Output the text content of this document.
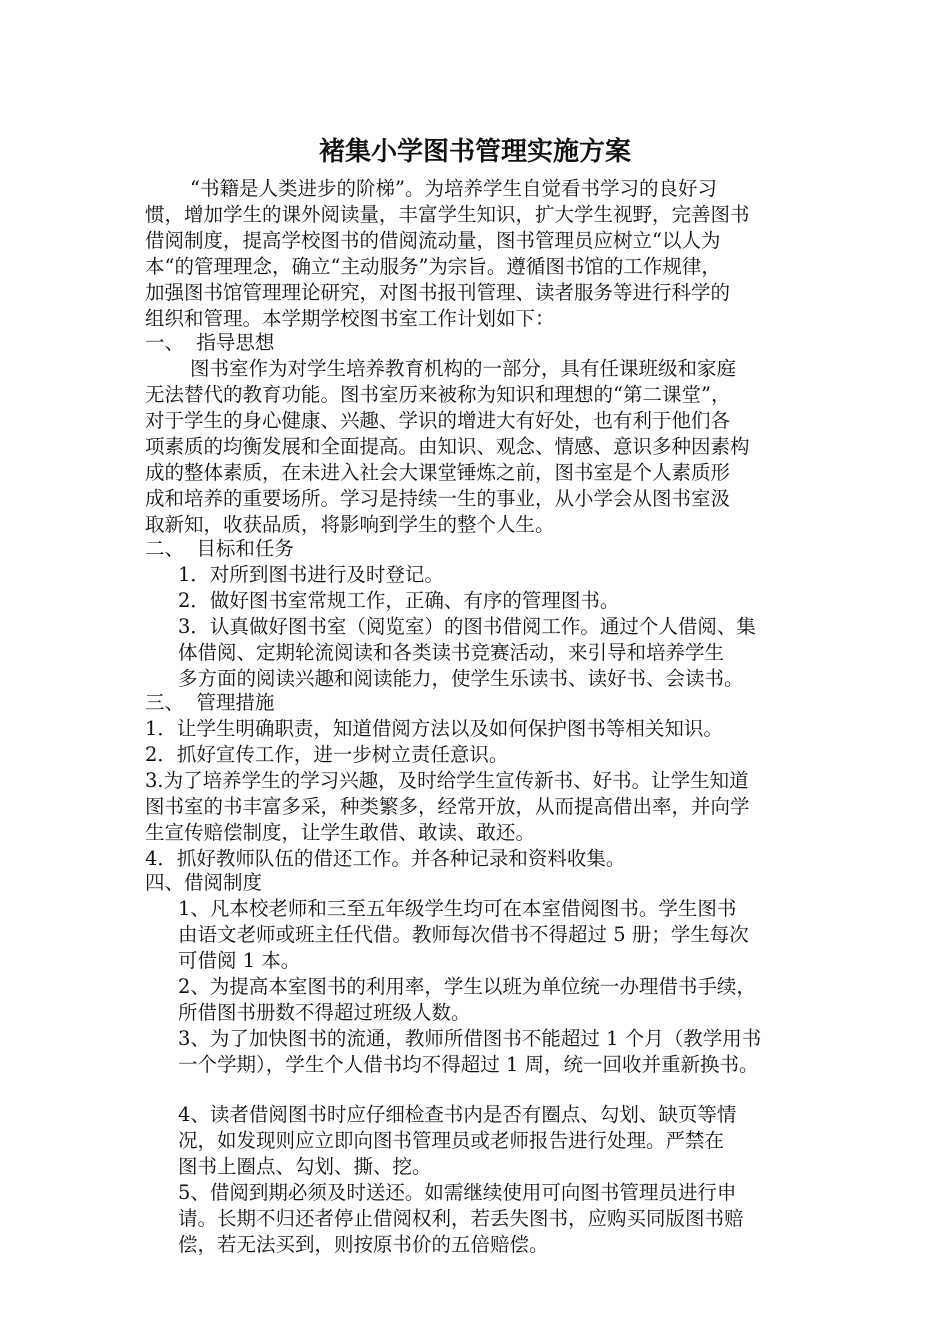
褚集小学图书管理实施方案
“书籍是人类进步的阶梯”。为培养学生自觉看书学习的良好习
惯，增加学生的课外阅读量，丰富学生知识，扩大学生视野，完善图书
借阅制度，提高学校图书的借阅流动量，图书管理员应树立“以人为
本“的管理理念，确立“主动服务”为宗旨。遵循图书馆的工作规律，
加强图书馆管理理论研究，对图书报刊管理、读者服务等进行科学的
组织和管理。本学期学校图书室工作计划如下：
一、  指导思想
图书室作为对学生培养教育机构的一部分，具有任课班级和家庭
无法替代的教育功能。图书室历来被称为知识和理想的“第二课堂”，
对于学生的身心健康、兴趣、学识的增进大有好处，也有利于他们各
项素质的均衡发展和全面提高。由知识、观念、情感、意识多种因素构
成的整体素质，在未进入社会大课堂锤炼之前，图书室是个人素质形
成和培养的重要场所。学习是持续一生的事业，从小学会从图书室汲
取新知，收获品质，将影响到学生的整个人生。
二、  目标和任务
1．对所到图书进行及时登记。
2．做好图书室常规工作，正确、有序的管理图书。
3．认真做好图书室（阅览室）的图书借阅工作。通过个人借阅、集
体借阅、定期轮流阅读和各类读书竞赛活动，来引导和培养学生
多方面的阅读兴趣和阅读能力，使学生乐读书、读好书、会读书。
三、  管理措施
1．让学生明确职责，知道借阅方法以及如何保护图书等相关知识。
2．抓好宣传工作，进一步树立责任意识。
3.为了培养学生的学习兴趣，及时给学生宣传新书、好书。让学生知道
图书室的书丰富多采，种类繁多，经常开放，从而提高借出率，并向学
生宣传赔偿制度，让学生敢借、敢读、敢还。
4．抓好教师队伍的借还工作。并各种记录和资料收集。
四、借阅制度
1、凡本校老师和三至五年级学生均可在本室借阅图书。学生图书
由语文老师或班主任代借。教师每次借书不得超过 5 册；学生每次
可借阅 1 本。
2、为提高本室图书的利用率，学生以班为单位统一办理借书手续，
所借图书册数不得超过班级人数。
3、为了加快图书的流通，教师所借图书不能超过 1 个月（教学用书
一个学期），学生个人借书均不得超过 1 周，统一回收并重新换书。
4、读者借阅图书时应仔细检查书内是否有圈点、勾划、缺页等情
况，如发现则应立即向图书管理员或老师报告进行处理。严禁在
图书上圈点、勾划、撕、挖。
5、借阅到期必须及时送还。如需继续使用可向图书管理员进行申
请。长期不归还者停止借阅权利，若丢失图书，应购买同版图书赔
偿，若无法买到，则按原书价的五倍赔偿。
